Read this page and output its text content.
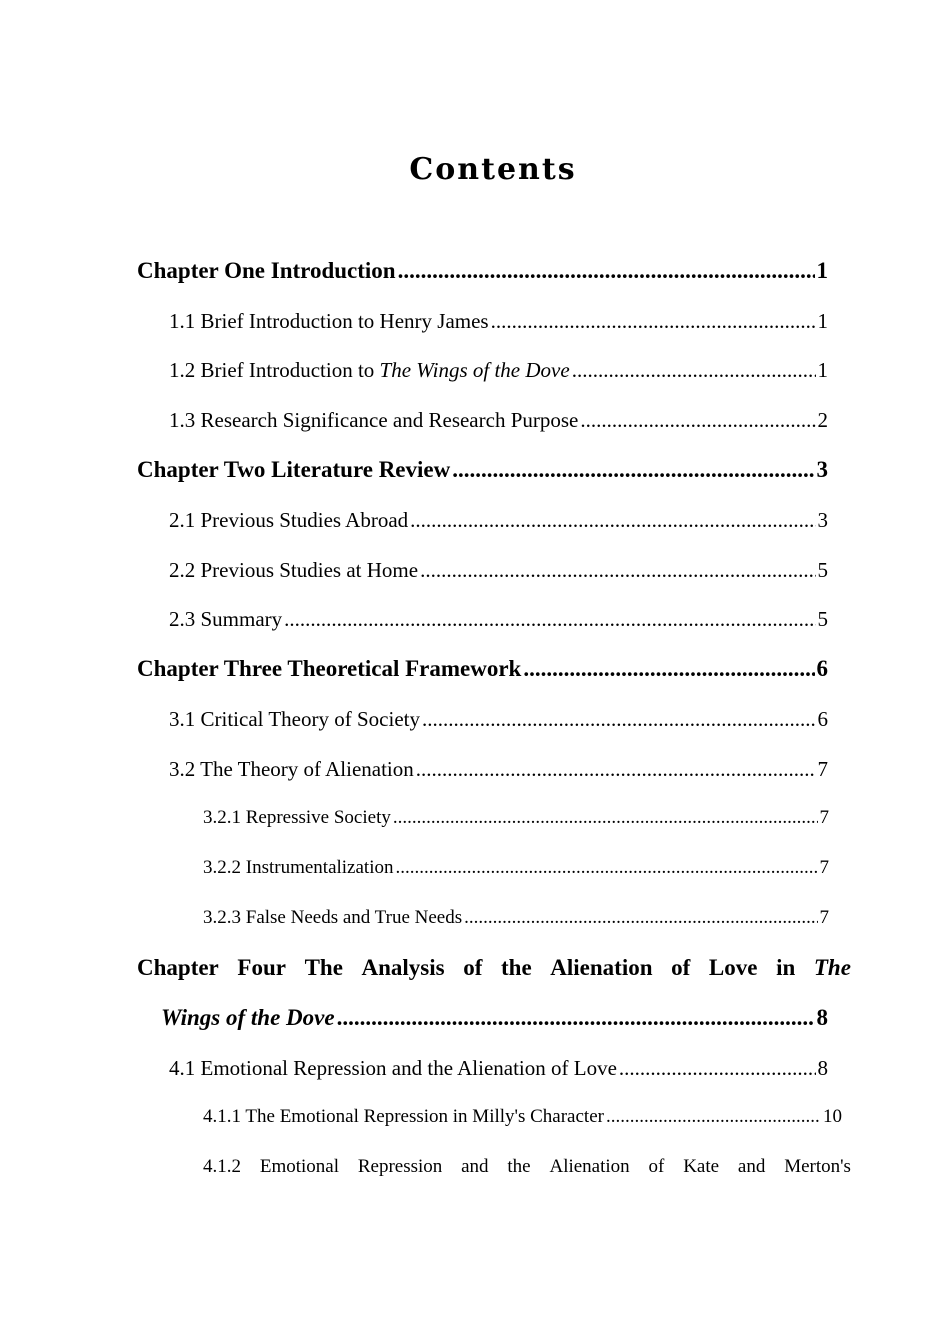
Contents
Chapter One Introduction .....	1
1.1 Brief Introduction to Henry James .....	1
1.2 Brief Introduction to The Wings of the Dove .....	1
1.3 Research Significance and Research Purpose .....	2
Chapter Two Literature Review .....	3
2.1 Previous Studies Abroad .....	3
2.2 Previous Studies at Home .....	5
2.3 Summary .....	5
Chapter Three Theoretical Framework .....	6
3.1 Critical Theory of Society .....	6
3.2 The Theory of Alienation .....	7
3.2.1 Repressive Society .....	7
3.2.2 Instrumentalization .....	7
3.2.3 False Needs and True Needs .....	7
Chapter Four The Analysis of the Alienation of Love in The
Wings of the Dove .....	8
4.1 Emotional Repression and the Alienation of Love .....	8
4.1.1 The Emotional Repression in Milly's Character .....	10
4.1.2 Emotional Repression and the Alienation of Kate and Merton's
